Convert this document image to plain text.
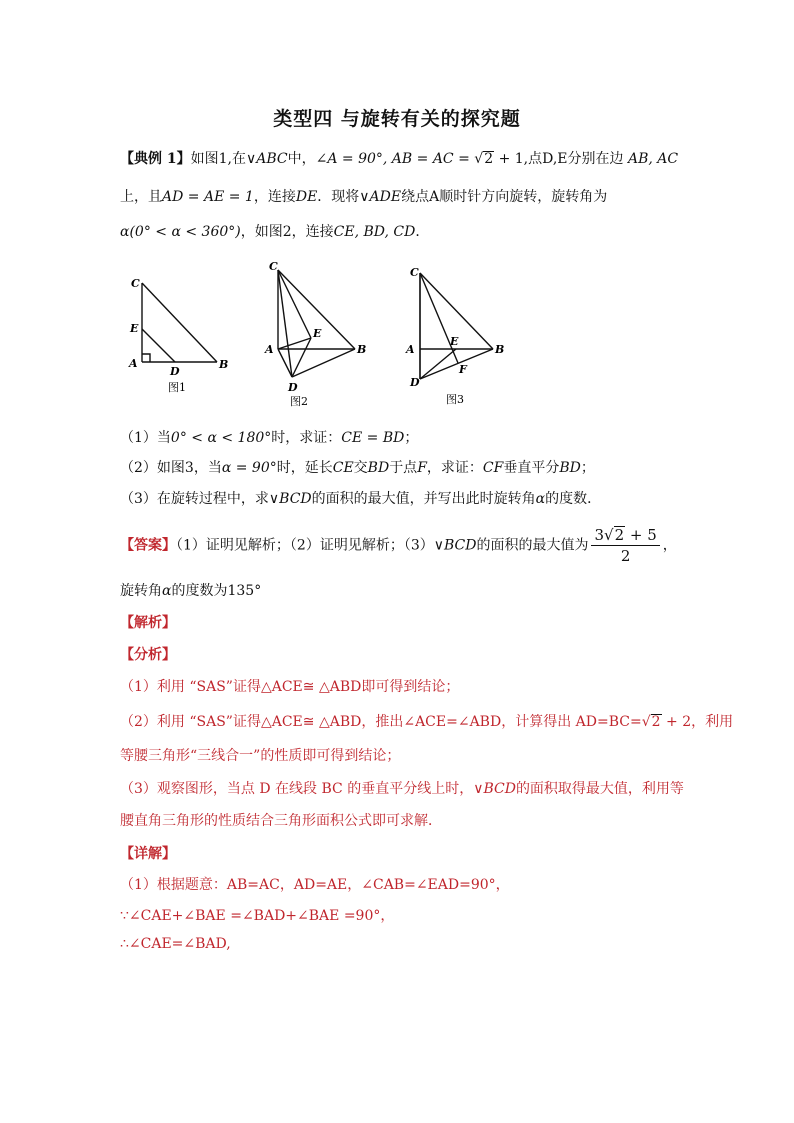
类型四 与旋转有关的探究题
【典例 1】如图1,在∨ABC中，∠A = 90°, AB = AC = √2 + 1,点D,E分别在边 AB, AC
上，且AD = AE = 1，连接DE．现将∨ADE绕点A顺时针方向旋转，旋转角为
α(0° < α < 360°)，如图2，连接CE, BD, CD．
C
E
A
D
B
图1
C
E
A	B
D
图2
C
E
A	B
D
F
图3
（1）当0° < α < 180°时，求证：CE = BD；
（2）如图3，当α = 90°时，延长CE交BD于点F，求证：CF垂直平分BD；
（3）在旋转过程中，求∨BCD的面积的最大值，并写出此时旋转角α的度数．
【答案】（1）证明见解析；（2）证明见解析；（3）∨BCD的面积的最大值为 $\frac{3√2 + 5}{2}$ ，
旋转角α的度数为135°
【解析】
【分析】
（1）利用 “SAS”证得△ACE≅ △ABD即可得到结论；
（2）利用 “SAS”证得△ACE≅ △ABD，推出∠ACE=∠ABD，计算得出 AD=BC=√2 + 2，利用
等腰三角形“三线合一”的性质即可得到结论；
（3）观察图形，当点 D 在线段 BC 的垂直平分线上时，∨BCD的面积取得最大值，利用等
腰直角三角形的性质结合三角形面积公式即可求解．
【详解】
（1）根据题意：AB=AC，AD=AE，∠CAB=∠EAD=90°，
∵∠CAE+∠BAE =∠BAD+∠BAE =90°，
∴∠CAE=∠BAD,
